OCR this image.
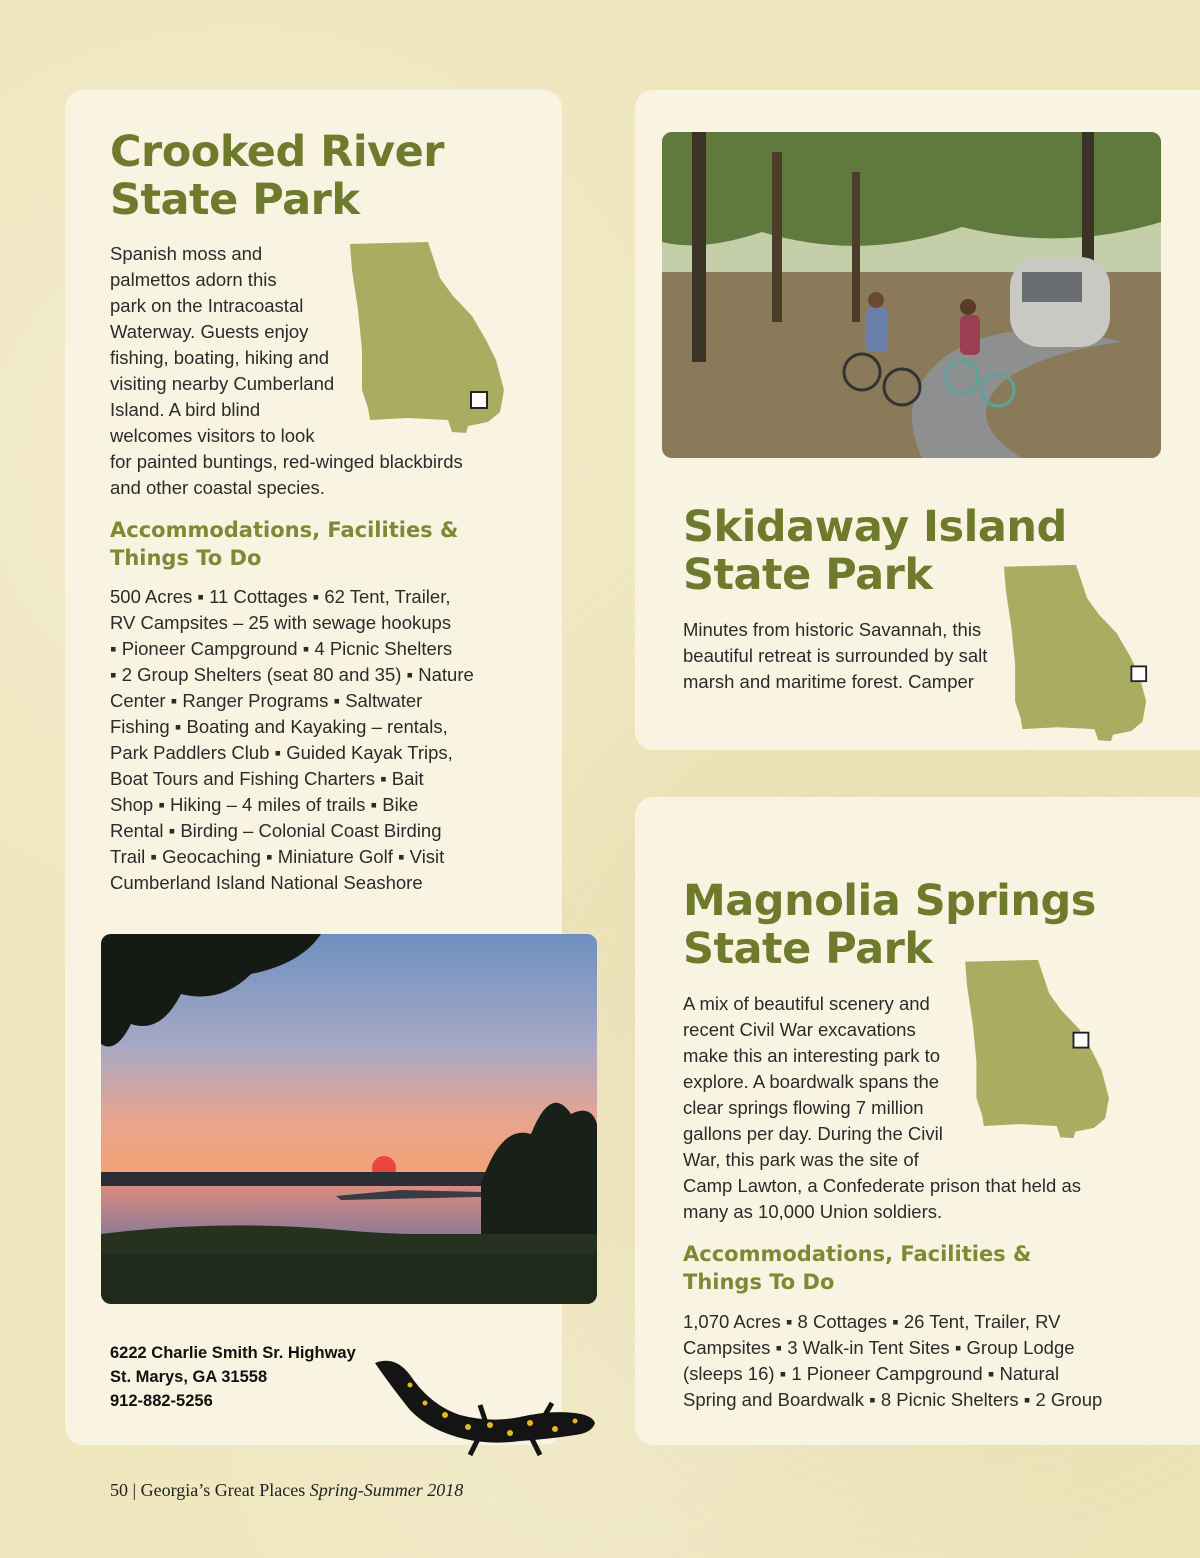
Crooked River
State Park
Spanish moss and
palmettos adorn this
park on the Intracoastal
Waterway. Guests enjoy
fishing, boating, hiking and
visiting nearby Cumberland
Island. A bird blind
welcomes visitors to look
for painted buntings, red-winged blackbirds
and other coastal species.
Accommodations, Facilities &
Things To Do
500 Acres ▪ 11 Cottages ▪ 62 Tent, Trailer,
RV Campsites – 25 with sewage hookups
▪ Pioneer Campground ▪ 4 Picnic Shelters
▪ 2 Group Shelters (seat 80 and 35) ▪ Nature
Center ▪ Ranger Programs ▪ Saltwater
Fishing ▪ Boating and Kayaking – rentals,
Park Paddlers Club ▪ Guided Kayak Trips,
Boat Tours and Fishing Charters ▪ Bait
Shop ▪ Hiking – 4 miles of trails ▪ Bike
Rental ▪ Birding – Colonial Coast Birding
Trail ▪ Geocaching ▪ Miniature Golf ▪ Visit
Cumberland Island National Seashore
6222 Charlie Smith Sr. Highway
St. Marys, GA 31558
912-882-5256
50 | Georgia’s Great Places Spring-Summer 2018
Skidaway Island
State Park
Minutes from historic Savannah, this
beautiful retreat is surrounded by salt
marsh and maritime forest. Camper
Magnolia Springs
State Park
A mix of beautiful scenery and
recent Civil War excavations
make this an interesting park to
explore. A boardwalk spans the
clear springs flowing 7 million
gallons per day. During the Civil
War, this park was the site of
Camp Lawton, a Confederate prison that held as
many as 10,000 Union soldiers.
Accommodations, Facilities &
Things To Do
1,070 Acres ▪ 8 Cottages ▪ 26 Tent, Trailer, RV
Campsites ▪ 3 Walk-in Tent Sites ▪ Group Lodge
(sleeps 16) ▪ 1 Pioneer Campground ▪ Natural
Spring and Boardwalk ▪ 8 Picnic Shelters ▪ 2 Group
